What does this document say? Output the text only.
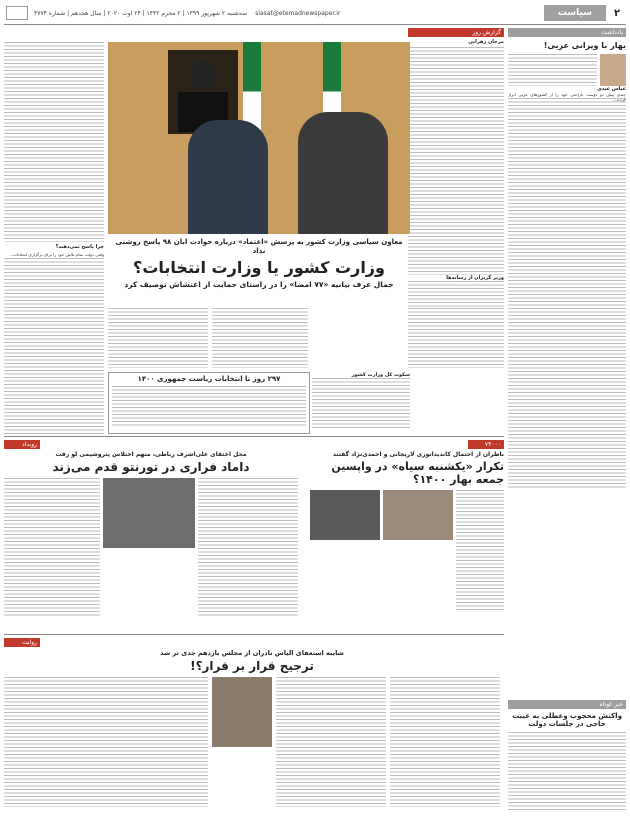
۲
سیاست
siasat@etemadnewspaper.ir
سه‌شنبه ۲ شهریور ۱۳۹۹ | ۲ محرم ۱۴۴۲ | ۲۴ اوت ۲۰۲۰ | سال هجدهم | شماره ۴۷۷۴
یادداشت
بهار با ویرانی عربی!
عباس عبدی
چندی پیش دو دوست ناراحتی خود را از کشورهای عربی ابراز کردند...
گزارش روز
مرجان زهرایی
وزیر گریزان از رسانه‌ها
معاون سیاسی وزارت کشور به پرسش «اعتماد» درباره حوادث آبان ۹۸ پاسخ روشنی نداد
وزارت کشور یا وزارت انتخابات؟
جمال عرف بیانیه «۷۷ امضا» را در راستای حمایت از اغتشاش توصیف کرد
۲۹۷ روز تا انتخابات ریاست جمهوری ۱۴۰۰	سکوت کل وزارت کشور
چرا پاسخ نمی‌دهید؟
وقتی دولت تمام تلاش خود را برای برگزاری انتخابات...
۷۴۰۰۰
ناظران از احتمال کاندیداتوری لاریجانی و احمدی‌نژاد گفتند
تکرار «یکشنبه سیاه» در واپسین جمعه بهار ۱۴۰۰؟
رویداد
محل اختفای علی‌اشرف رباطی، متهم اختلاس پتروشیمی لو رفت
داماد فراری در تورنتو قدم می‌زند
روایت
شایبه استعفای الیاس نادران از مجلس یازدهم جدی تر شد
ترجیح قرار بر قرار؟!
خبر کوتاه
واکنش محجوب وعطلی به غیبت حاجی در جلسات دولت
